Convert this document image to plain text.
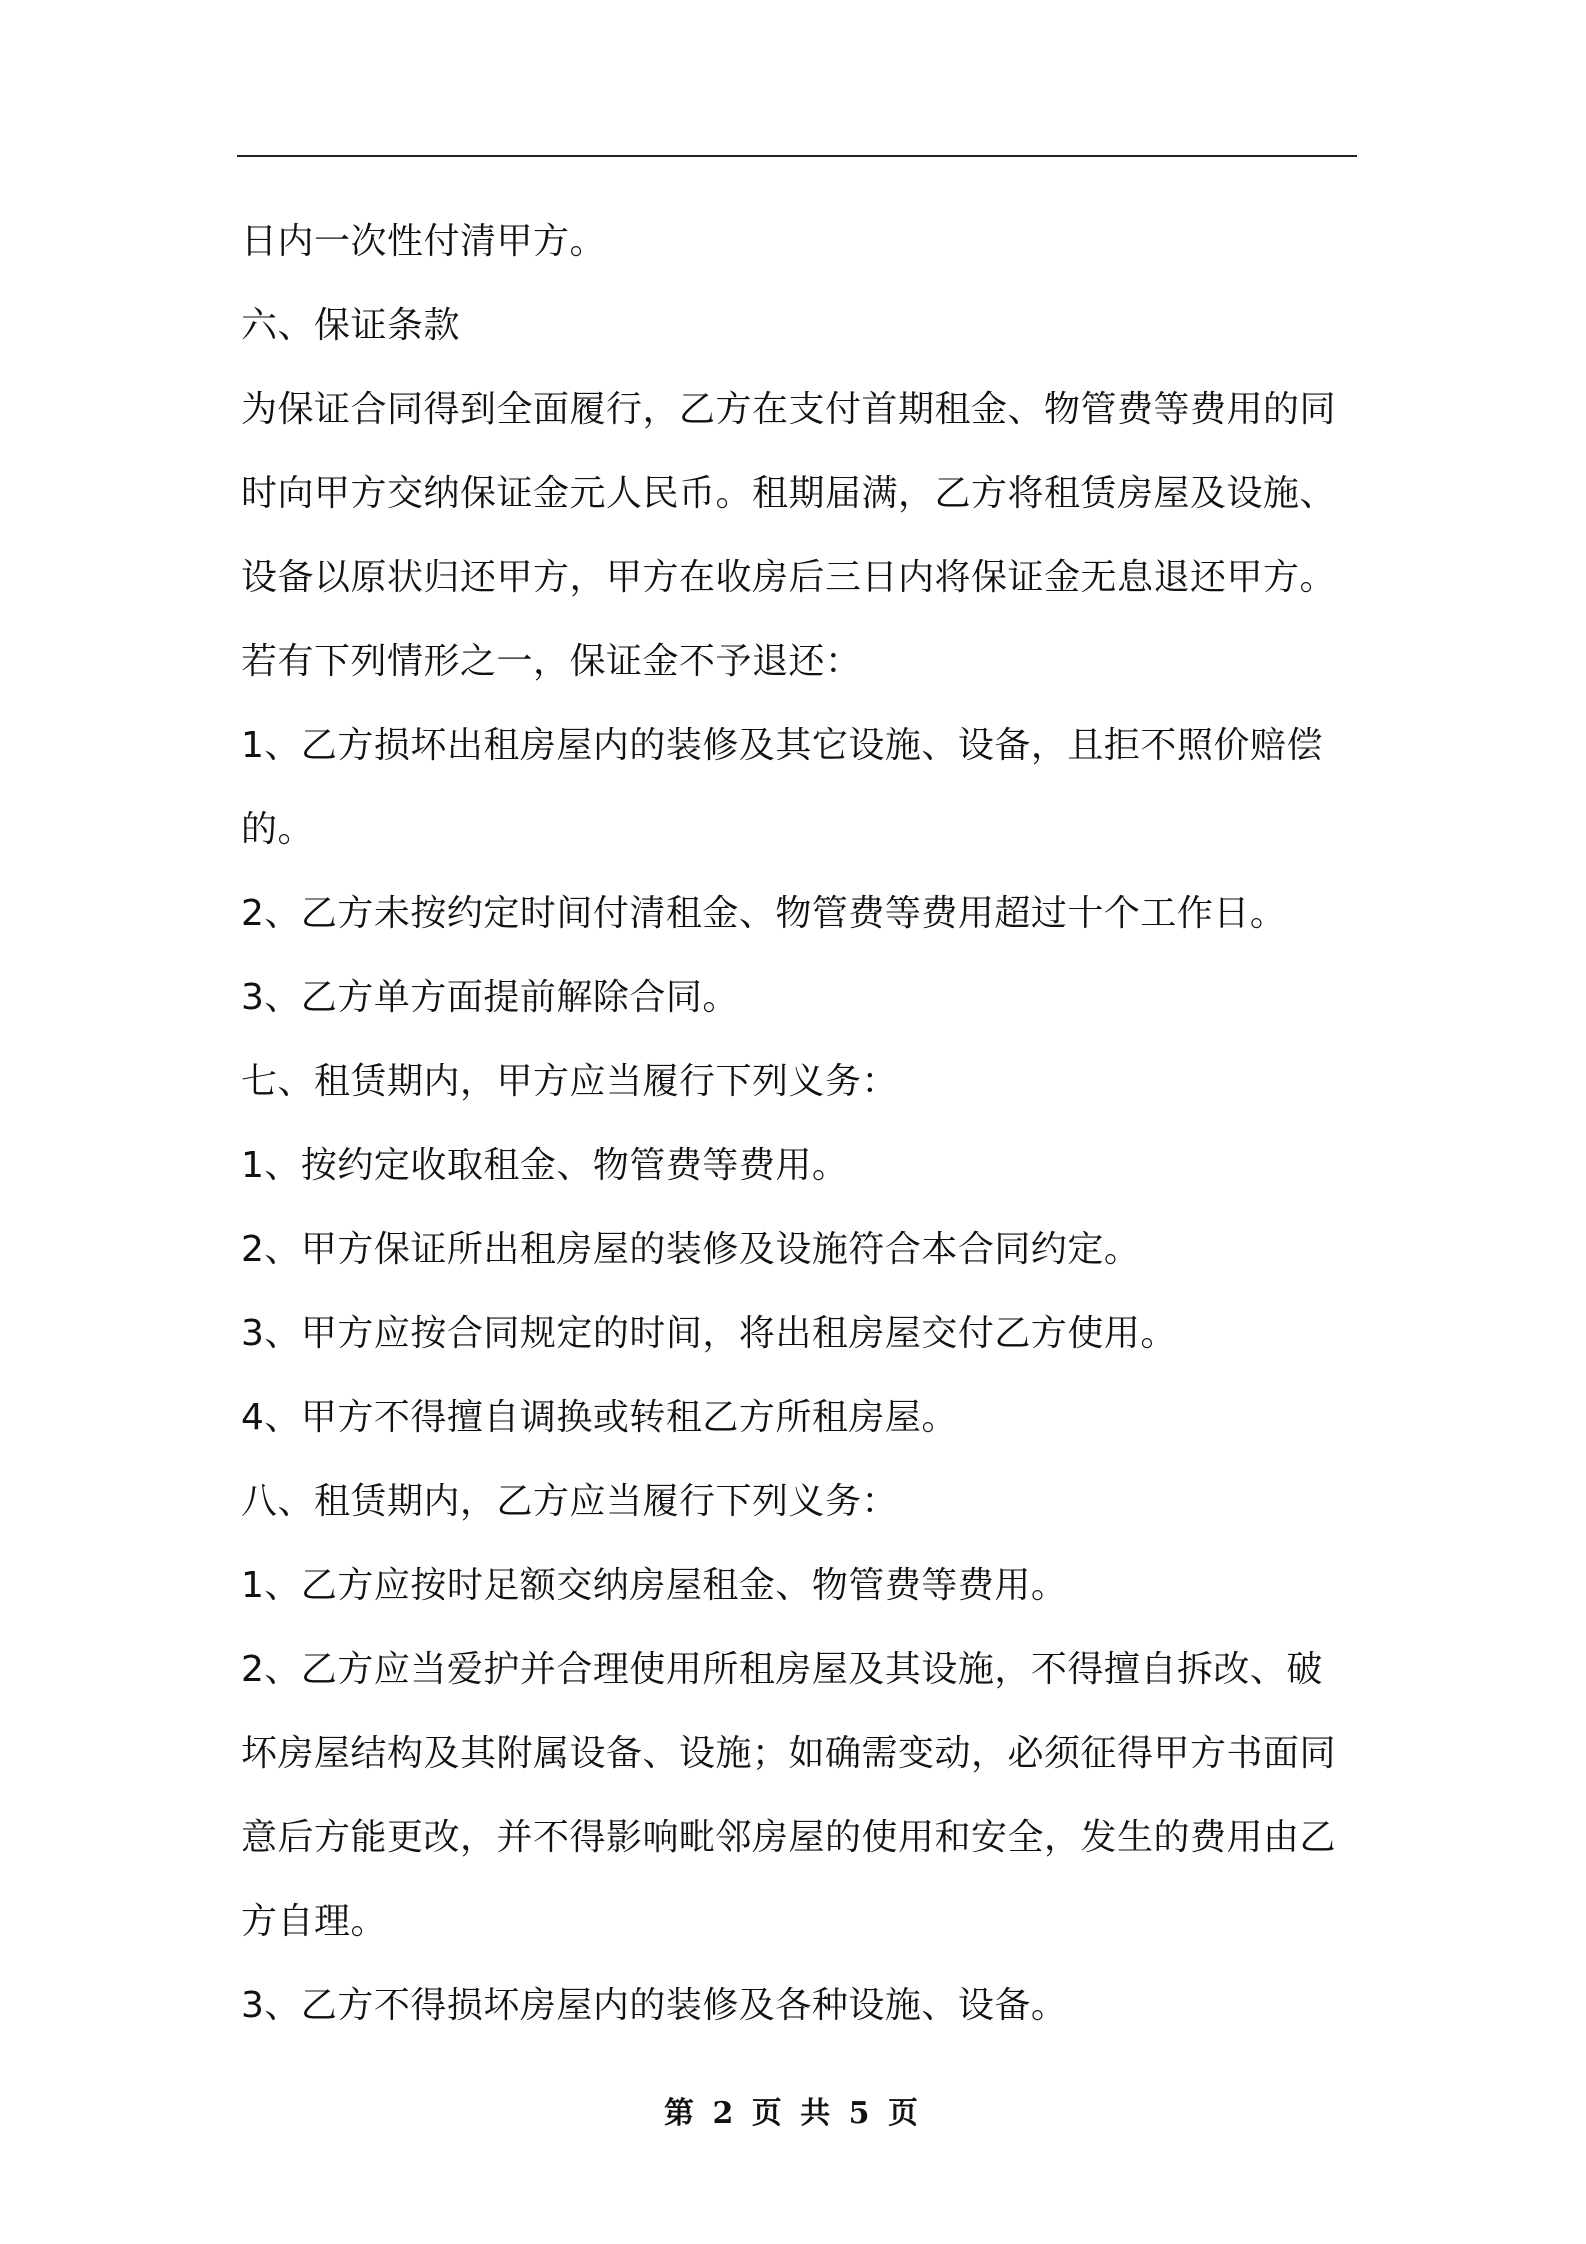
日内一次性付清甲方。

六、保证条款

为保证合同得到全面履行，乙方在支付首期租金、物管费等费用的同

时向甲方交纳保证金元人民币。租期届满，乙方将租赁房屋及设施、

设备以原状归还甲方，甲方在收房后三日内将保证金无息退还甲方。

若有下列情形之一，保证金不予退还：

1、乙方损坏出租房屋内的装修及其它设施、设备，且拒不照价赔偿

的。

2、乙方未按约定时间付清租金、物管费等费用超过十个工作日。

3、乙方单方面提前解除合同。

七、租赁期内，甲方应当履行下列义务：

1、按约定收取租金、物管费等费用。

2、甲方保证所出租房屋的装修及设施符合本合同约定。

3、甲方应按合同规定的时间，将出租房屋交付乙方使用。

4、甲方不得擅自调换或转租乙方所租房屋。

八、租赁期内，乙方应当履行下列义务：

1、乙方应按时足额交纳房屋租金、物管费等费用。

2、乙方应当爱护并合理使用所租房屋及其设施，不得擅自拆改、破

坏房屋结构及其附属设备、设施；如确需变动，必须征得甲方书面同

意后方能更改，并不得影响毗邻房屋的使用和安全，发生的费用由乙

方自理。

3、乙方不得损坏房屋内的装修及各种设施、设备。

第 2 页 共 5 页
